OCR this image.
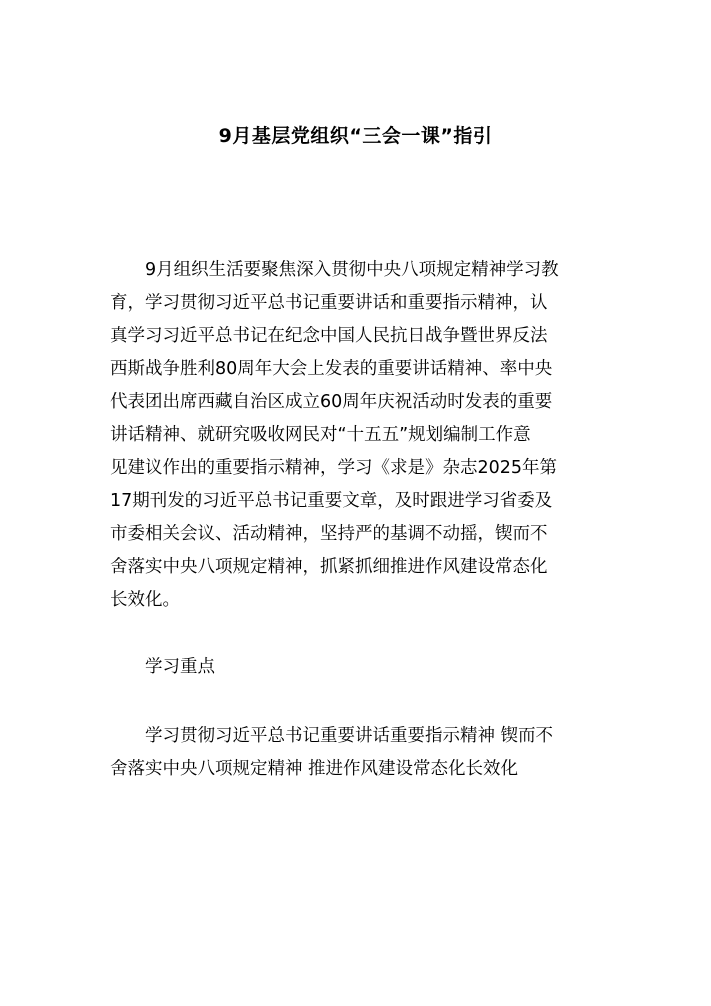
9月基层党组织“三会一课”指引
9月组织生活要聚焦深入贯彻中央八项规定精神学习教
育，学习贯彻习近平总书记重要讲话和重要指示精神，认
真学习习近平总书记在纪念中国人民抗日战争暨世界反法
西斯战争胜利80周年大会上发表的重要讲话精神、率中央
代表团出席西藏自治区成立60周年庆祝活动时发表的重要
讲话精神、就研究吸收网民对“十五五”规划编制工作意
见建议作出的重要指示精神，学习《求是》杂志2025年第
17期刊发的习近平总书记重要文章，及时跟进学习省委及
市委相关会议、活动精神，坚持严的基调不动摇，锲而不
舍落实中央八项规定精神，抓紧抓细推进作风建设常态化
长效化。
学习重点
学习贯彻习近平总书记重要讲话重要指示精神 锲而不
舍落实中央八项规定精神 推进作风建设常态化长效化
